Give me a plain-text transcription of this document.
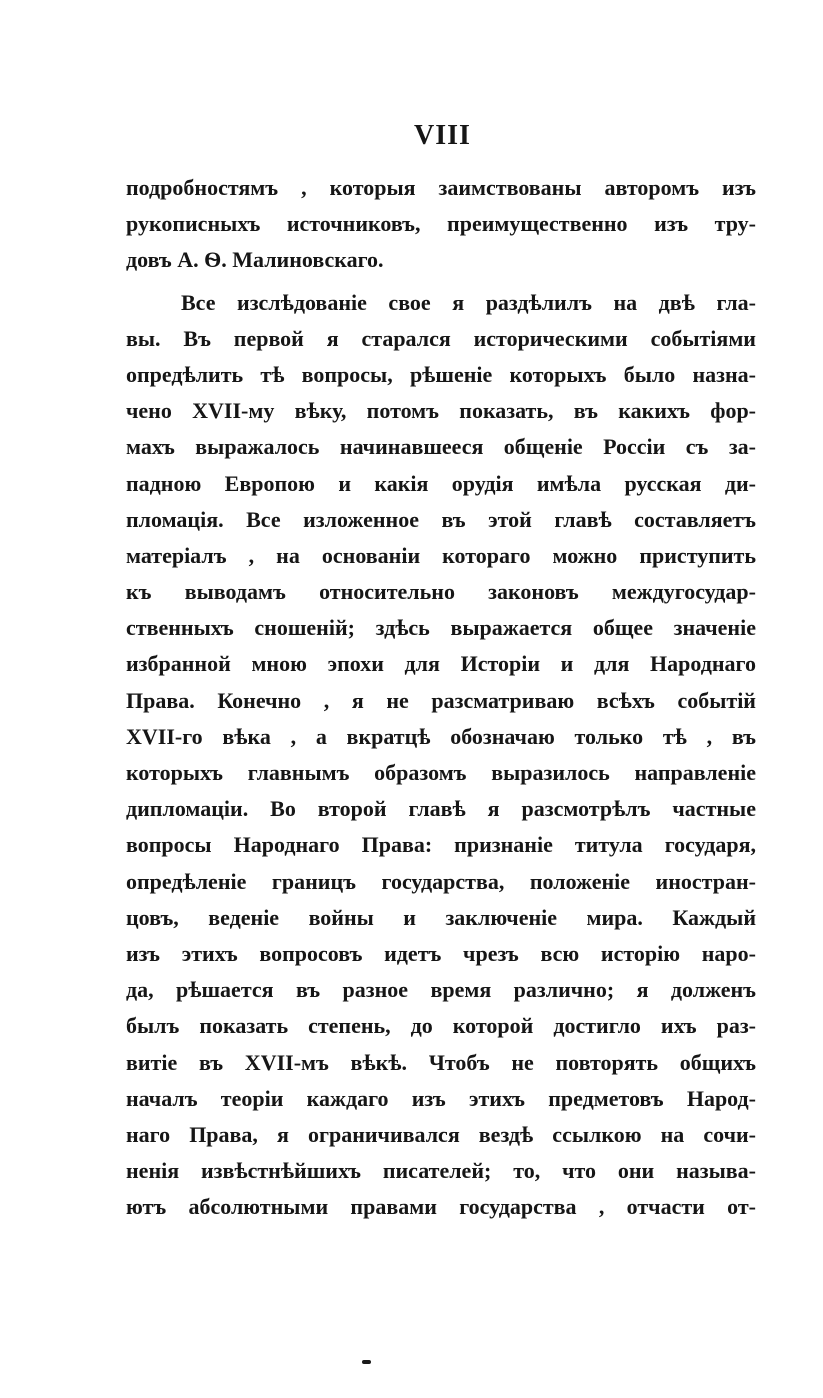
VIII
подробностямъ , которыя заимствованы авторомъ изъ
рукописныхъ источниковъ, преимущественно изъ тру-
довъ А. Ѳ. Малиновскаго.
Все изслѣдованіе свое я раздѣлилъ на двѣ гла-
вы. Въ первой я старался историческими событіями
опредѣлить тѣ вопросы, рѣшеніе которыхъ было назна-
чено XVII-му вѣку, потомъ показать, въ какихъ фор-
махъ выражалось начинавшееся общеніе Россіи съ за-
падною Европою и какія орудія имѣла русская ди-
пломація. Все изложенное въ этой главѣ составляетъ
матеріалъ , на основаніи котораго можно приступить
къ выводамъ относительно законовъ междугосудар-
ственныхъ сношеній; здѣсь выражается общее значеніе
избранной мною эпохи для Исторіи и для Народнаго
Права. Конечно , я не разсматриваю всѣхъ событій
XVII-го вѣка , а вкратцѣ обозначаю только тѣ , въ
которыхъ главнымъ образомъ выразилось направленіе
дипломаціи. Во второй главѣ я разсмотрѣлъ частные
вопросы Народнаго Права: признаніе титула государя,
опредѣленіе границъ государства, положеніе иностран-
цовъ, веденіе войны и заключеніе мира. Каждый
изъ этихъ вопросовъ идетъ чрезъ всю исторію наро-
да, рѣшается въ разное время различно; я долженъ
былъ показать степень, до которой достигло ихъ раз-
витіе въ XVII-мъ вѣкѣ. Чтобъ не повторять общихъ
началъ теоріи каждаго изъ этихъ предметовъ Народ-
наго Права, я ограничивался вездѣ ссылкою на сочи-
ненія извѣстнѣйшихъ писателей; то, что они называ-
ютъ абсолютными правами государства , отчасти от-
